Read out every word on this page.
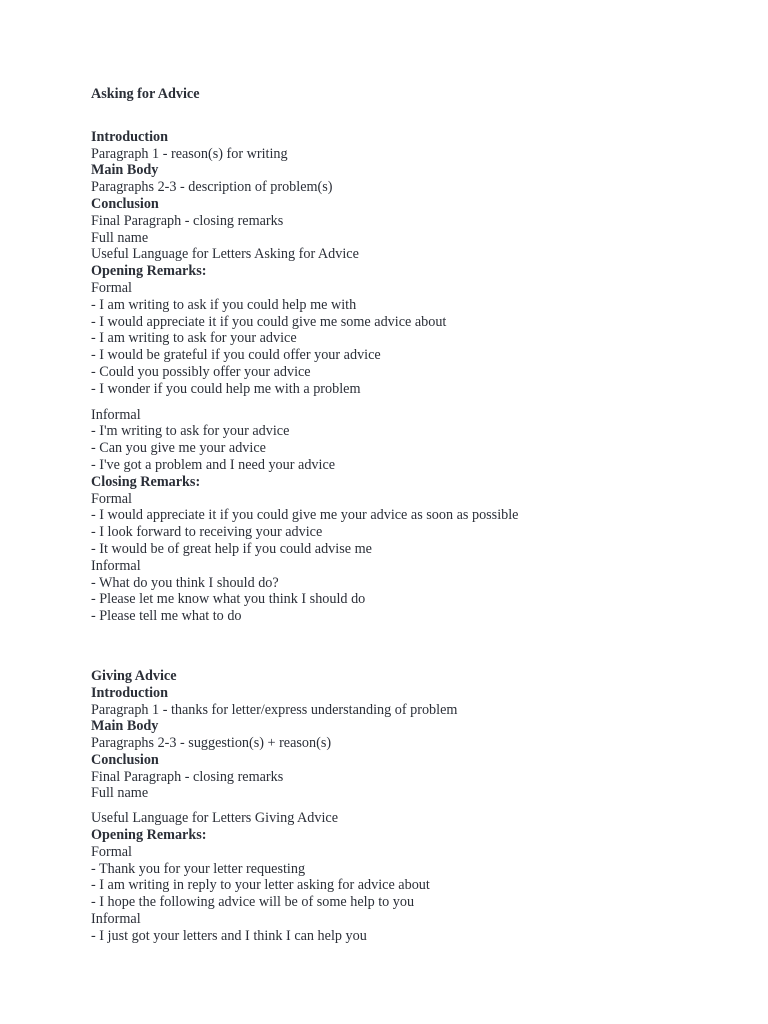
Asking for Advice
Introduction
Paragraph 1 - reason(s) for writing
Main Body
Paragraphs 2-3 - description of problem(s)
Conclusion
Final Paragraph - closing remarks
Full name
Useful Language for Letters Asking for Advice
Opening Remarks:
Formal
- I am writing to ask if you could help me with
- I would appreciate it if you could give me some advice about
- I am writing to ask for your advice
- I would be grateful if you could offer your advice
- Could you possibly offer your advice
- I wonder if you could help me with a problem
Informal
- I'm writing to ask for your advice
- Can you give me your advice
- I've got a problem and I need your advice
Closing Remarks:
Formal
- I would appreciate it if you could give me your advice as soon as possible
- I look forward to receiving your advice
- It would be of great help if you could advise me
Informal
- What do you think I should do?
- Please let me know what you think I should do
- Please tell me what to do
Giving Advice
Introduction
Paragraph 1 - thanks for letter/express understanding of problem
Main Body
Paragraphs 2-3 - suggestion(s) + reason(s)
Conclusion
Final Paragraph - closing remarks
Full name
Useful Language for Letters Giving Advice
Opening Remarks:
Formal
- Thank you for your letter requesting
- I am writing in reply to your letter asking for advice about
- I hope the following advice will be of some help to you
Informal
- I just got your letters and I think I can help you
